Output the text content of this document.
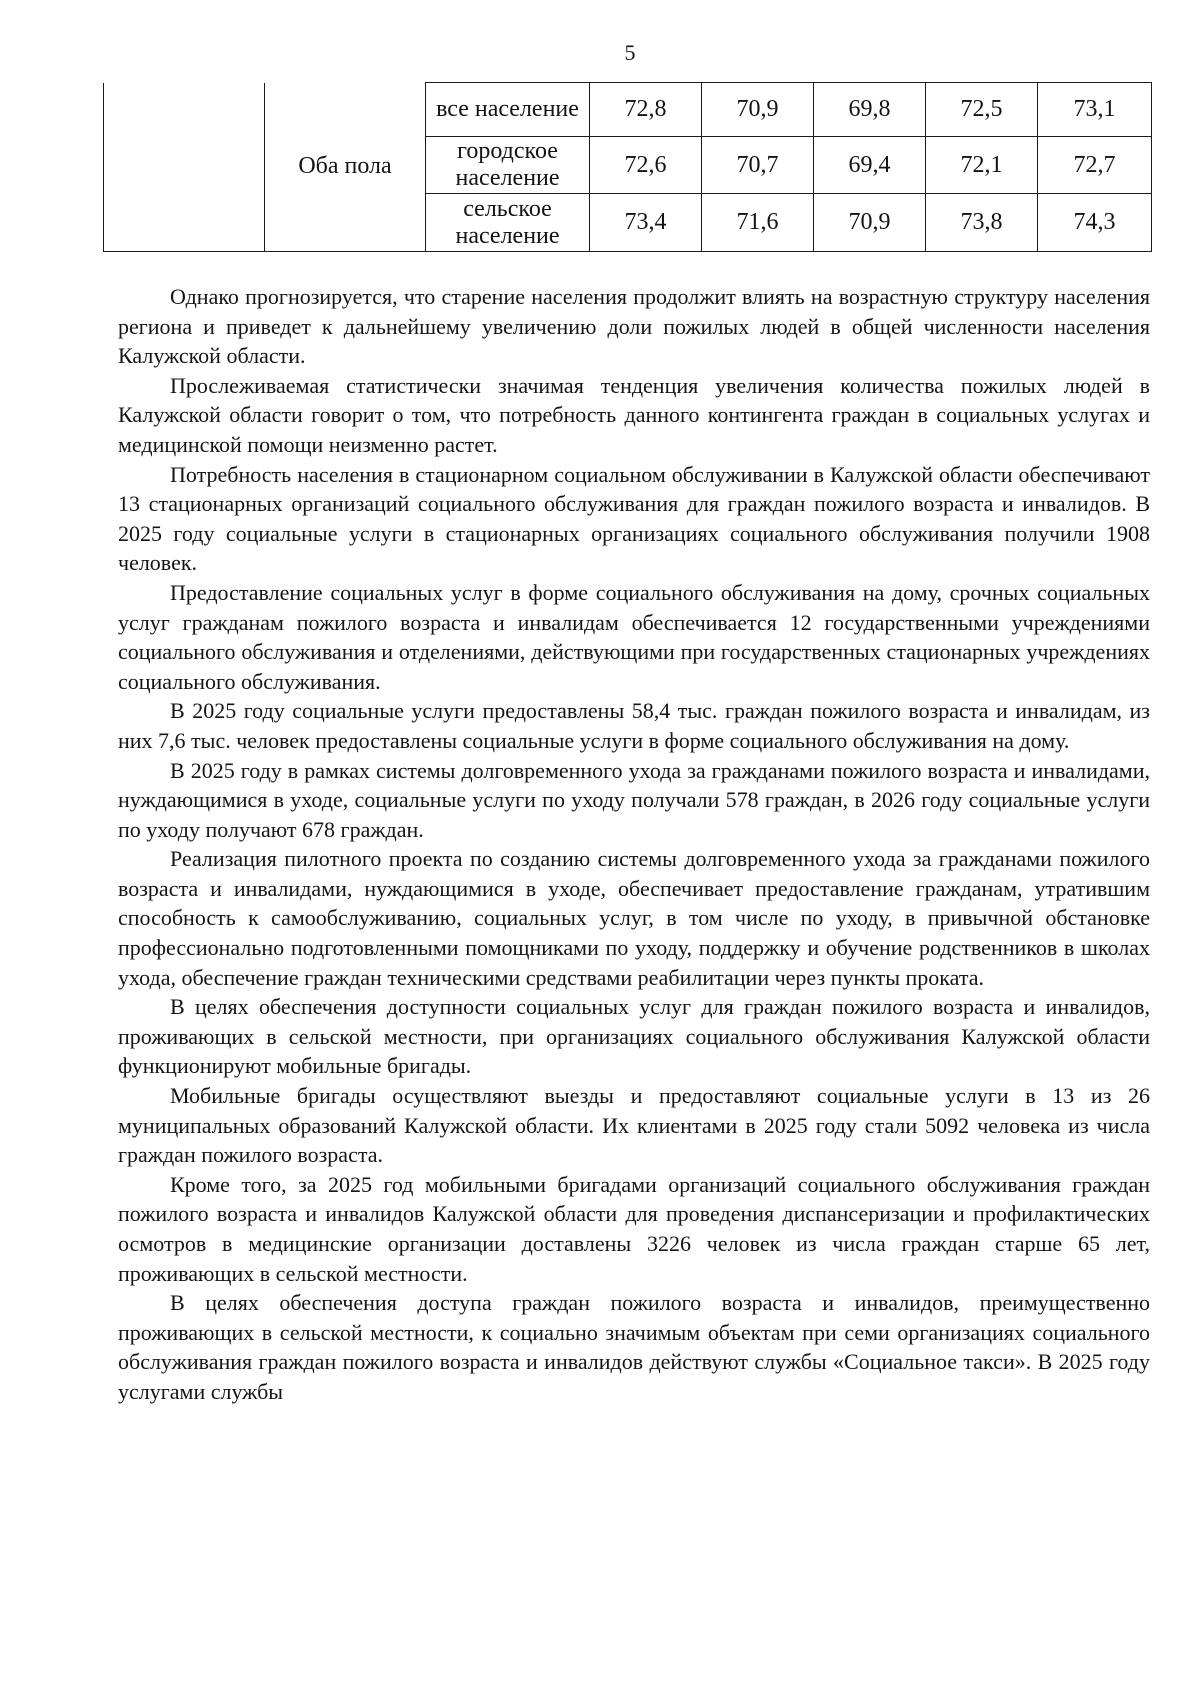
5
	Оба пола	все население	72,8	70,9	69,8	72,5	73,1
		городское население	72,6	70,7	69,4	72,1	72,7
		сельское население	73,4	71,6	70,9	73,8	74,3

Однако прогнозируется, что старение населения продолжит влиять на возрастную структуру населения региона и приведет к дальнейшему увеличению доли пожилых людей в общей численности населения Калужской области.

Прослеживаемая статистически значимая тенденция увеличения количества пожилых людей в Калужской области говорит о том, что потребность данного контингента граждан в социальных услугах и медицинской помощи неизменно растет.

Потребность населения в стационарном социальном обслуживании в Калужской области обеспечивают 13 стационарных организаций социального обслуживания для граждан пожилого возраста и инвалидов. В 2025 году социальные услуги в стационарных организациях социального обслуживания получили 1908 человек.

Предоставление социальных услуг в форме социального обслуживания на дому, срочных социальных услуг гражданам пожилого возраста и инвалидам обеспечивается 12 государственными учреждениями социального обслуживания и отделениями, действующими при государственных стационарных учреждениях социального обслуживания.

В 2025 году социальные услуги предоставлены 58,4 тыс. граждан пожилого возраста и инвалидам, из них 7,6 тыс. человек предоставлены социальные услуги в форме социального обслуживания на дому.

В 2025 году в рамках системы долговременного ухода за гражданами пожилого возраста и инвалидами, нуждающимися в уходе, социальные услуги по уходу получали 578 граждан, в 2026 году социальные услуги по уходу получают 678 граждан.

Реализация пилотного проекта по созданию системы долговременного ухода за гражданами пожилого возраста и инвалидами, нуждающимися в уходе, обеспечивает предоставление гражданам, утратившим способность к самообслуживанию, социальных услуг, в том числе по уходу, в привычной обстановке профессионально подготовленными помощниками по уходу, поддержку и обучение родственников в школах ухода, обеспечение граждан техническими средствами реабилитации через пункты проката.

В целях обеспечения доступности социальных услуг для граждан пожилого возраста и инвалидов, проживающих в сельской местности, при организациях социального обслуживания Калужской области функционируют мобильные бригады.

Мобильные бригады осуществляют выезды и предоставляют социальные услуги в 13 из 26 муниципальных образований Калужской области. Их клиентами в 2025 году стали 5092 человека из числа граждан пожилого возраста.

Кроме того, за 2025 год мобильными бригадами организаций социального обслуживания граждан пожилого возраста и инвалидов Калужской области для проведения диспансеризации и профилактических осмотров в медицинские организации доставлены 3226 человек из числа граждан старше 65 лет, проживающих в сельской местности.

В целях обеспечения доступа граждан пожилого возраста и инвалидов, преимущественно проживающих в сельской местности, к социально значимым объектам при семи организациях социального обслуживания граждан пожилого возраста и инвалидов действуют службы «Социальное такси». В 2025 году услугами службы
